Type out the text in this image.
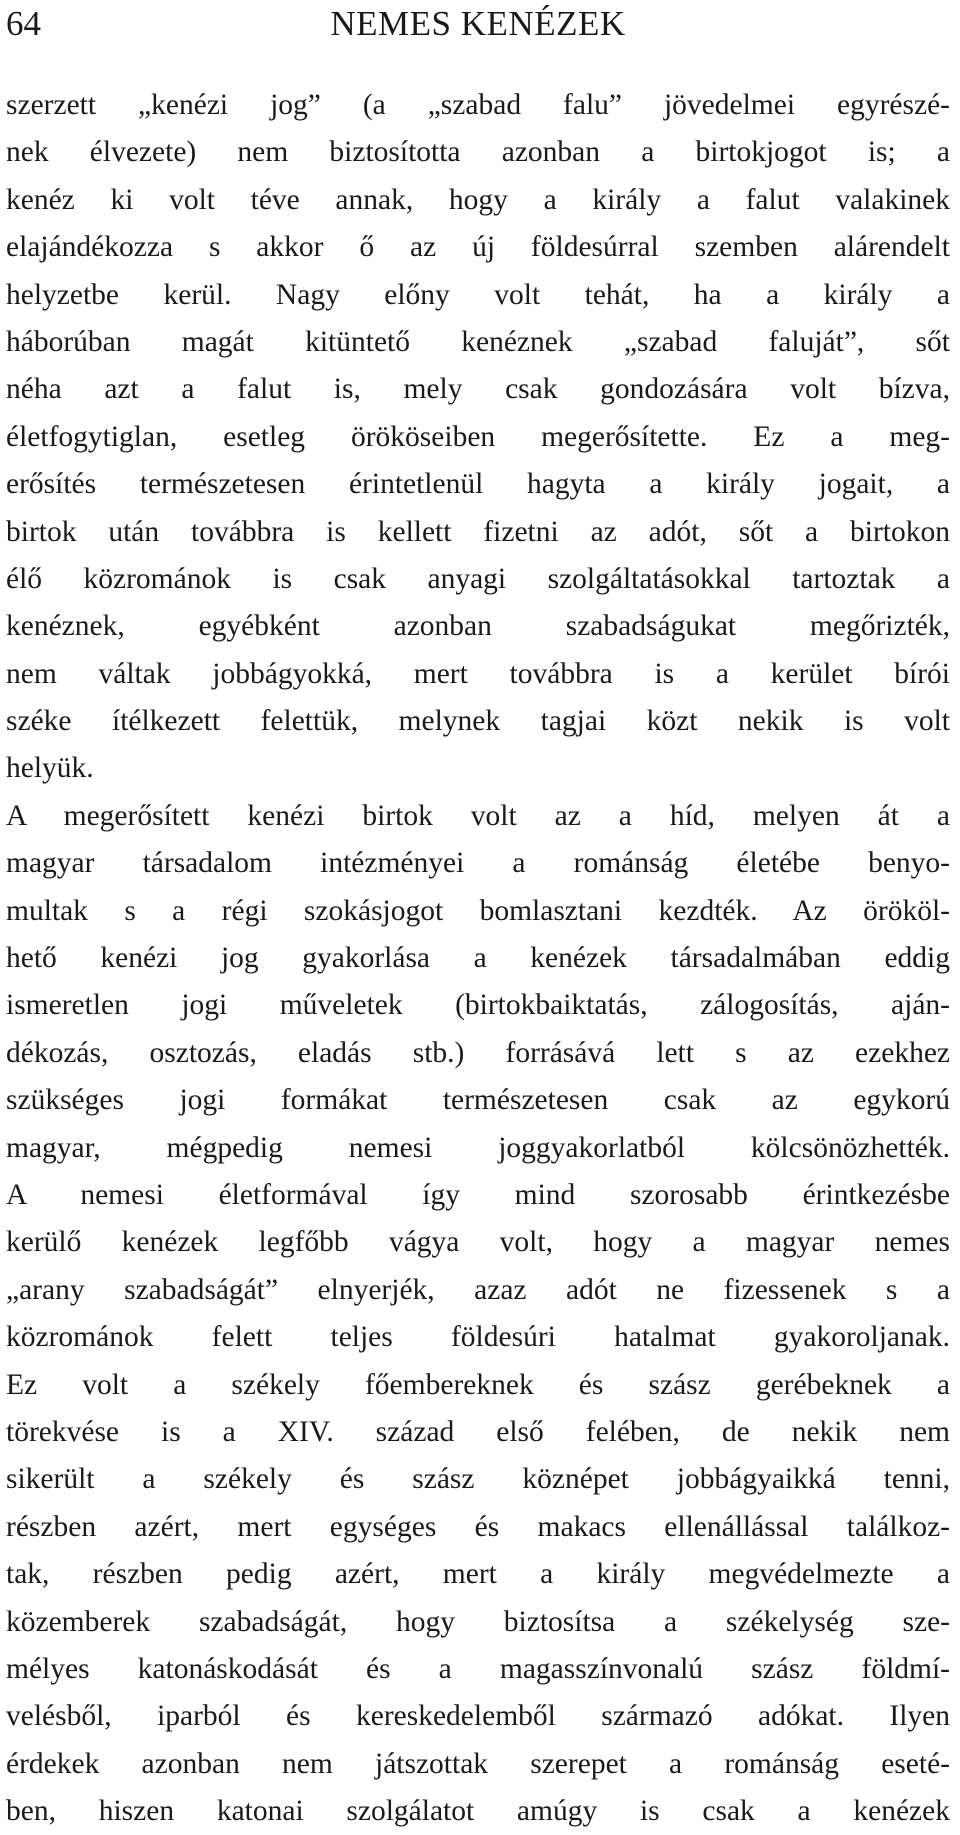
64	NEMES KENÉZEK
szerzett „kenézi jog” (a „szabad falu” jövedelmei egyrészé-
nek élvezete) nem biztosította azonban a birtokjogot is; a
kenéz ki volt téve annak, hogy a király a falut valakinek
elajándékozza s akkor ő az új földesúrral szemben alárendelt
helyzetbe kerül. Nagy előny volt tehát, ha a király a
háborúban magát kitüntető kenéznek „szabad faluját”, sőt
néha azt a falut is, mely csak gondozására volt bízva,
életfogytiglan, esetleg örököseiben megerősítette. Ez a meg-
erősítés természetesen érintetlenül hagyta a király jogait, a
birtok után továbbra is kellett fizetni az adót, sőt a birtokon
élő közrománok is csak anyagi szolgáltatásokkal tartoztak a
kenéznek, egyébként azonban szabadságukat megőrizték,
nem váltak jobbágyokká, mert továbbra is a kerület bírói
széke ítélkezett felettük, melynek tagjai közt nekik is volt
helyük.
A megerősített kenézi birtok volt az a híd, melyen át a
magyar társadalom intézményei a románság életébe benyo-
multak s a régi szokásjogot bomlasztani kezdték. Az örököl-
hető kenézi jog gyakorlása a kenézek társadalmában eddig
ismeretlen jogi műveletek (birtokbaiktatás, zálogosítás, aján-
dékozás, osztozás, eladás stb.) forrásává lett s az ezekhez
szükséges jogi formákat természetesen csak az egykorú
magyar, mégpedig nemesi joggyakorlatból kölcsönözhették.
A nemesi életformával így mind szorosabb érintkezésbe
kerülő kenézek legfőbb vágya volt, hogy a magyar nemes
„arany szabadságát” elnyerjék, azaz adót ne fizessenek s a
közrománok felett teljes földesúri hatalmat gyakoroljanak.
Ez volt a székely főembereknek és szász gerébeknek a
törekvése is a XIV. század első felében, de nekik nem
sikerült a székely és szász köznépet jobbágyaikká tenni,
részben azért, mert egységes és makacs ellenállással találkoz-
tak, részben pedig azért, mert a király megvédelmezte a
közemberek szabadságát, hogy biztosítsa a székelység sze-
mélyes katonáskodását és a magasszínvonalú szász földmí-
velésből, iparból és kereskedelemből származó adókat. Ilyen
érdekek azonban nem játszottak szerepet a románság eseté-
ben, hiszen katonai szolgálatot amúgy is csak a kenézek
